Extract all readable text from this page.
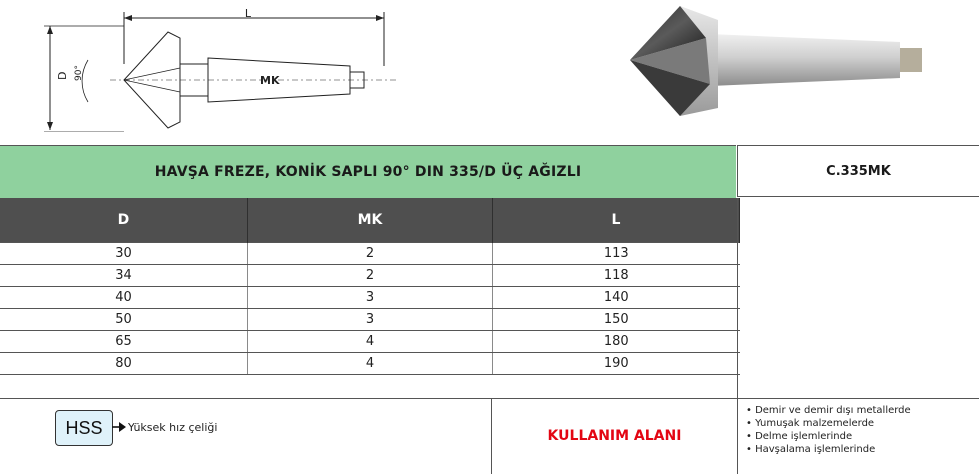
L
D 90°	MK
HAVŞA FREZE, KONİK SAPLI 90° DIN 335/D ÜÇ AĞIZLI	C.335MK
D	MK	L
30	2	113
34	2	118
40	3	140
50	3	150
65	4	180
80	4	190
HSS	Yüksek hız çeliği
KULLANIM ALANI
• Demir ve demir dışı metallerde
• Yumuşak malzemelerde
• Delme işlemlerinde
• Havşalama işlemlerinde
